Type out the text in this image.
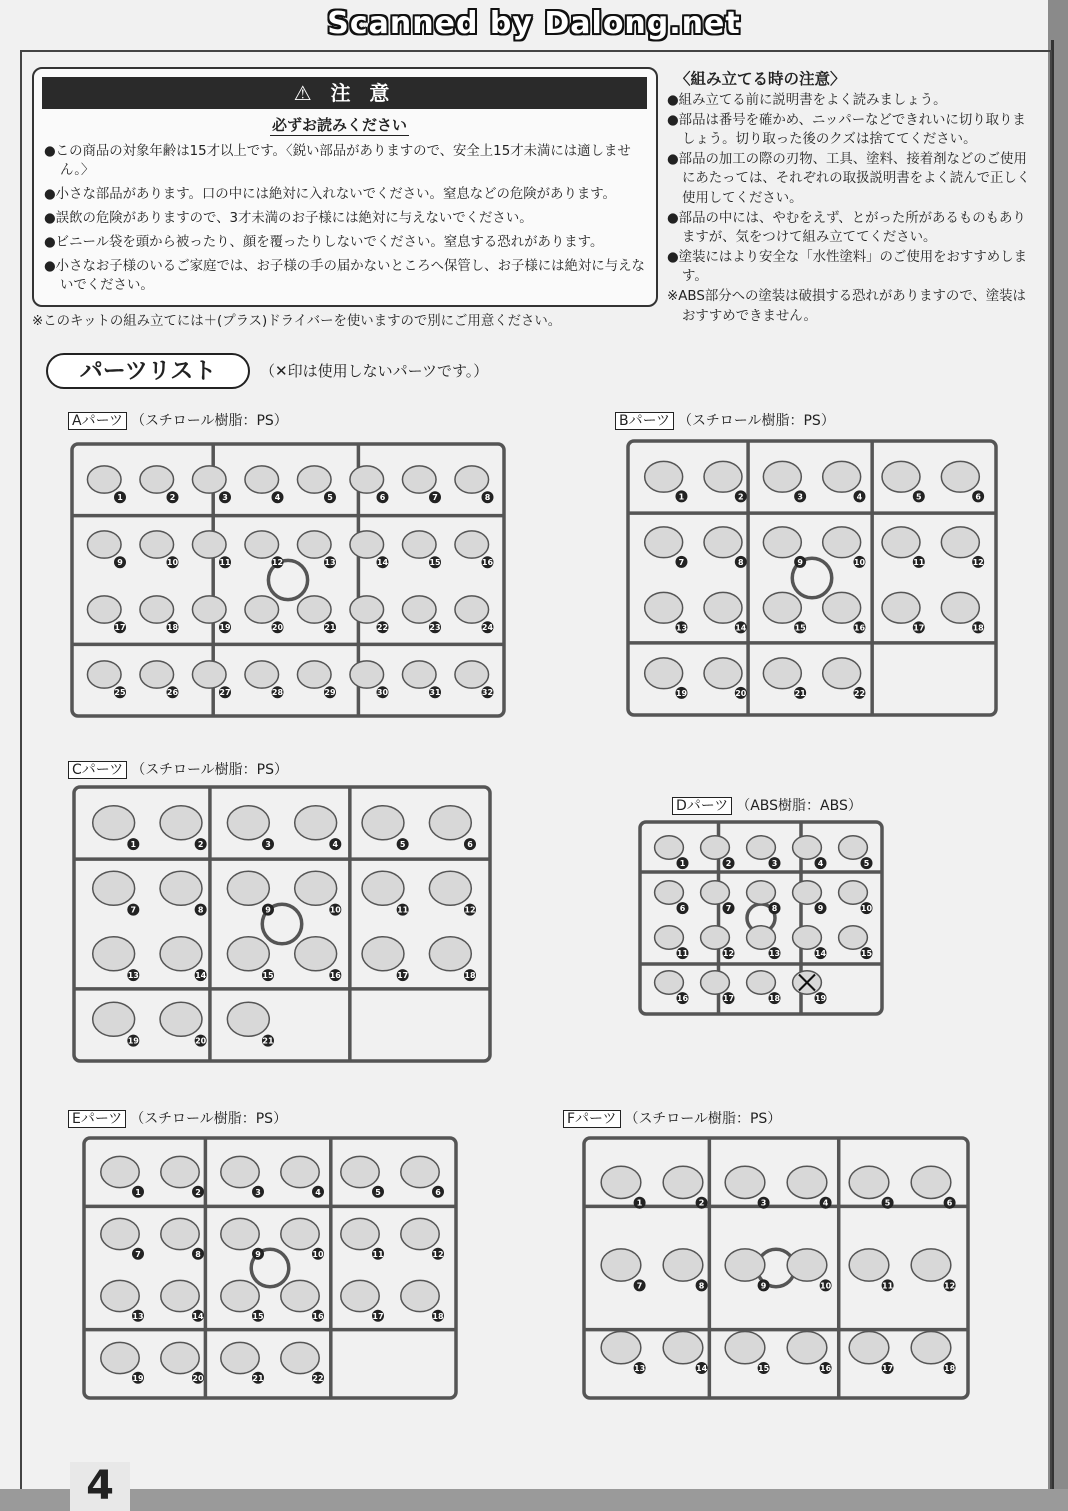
Scanned by Dalong.net
⚠ 注 意
必ずお読みください
●この商品の対象年齢は15才以上です。〈鋭い部品がありますので、安全上15才未満には適しません。〉
●小さな部品があります。口の中には絶対に入れないでください。窒息などの危険があります。
●誤飲の危険がありますので、3才未満のお子様には絶対に与えないでください。
●ビニール袋を頭から被ったり、顔を覆ったりしないでください。窒息する恐れがあります。
●小さなお子様のいるご家庭では、お子様の手の届かないところへ保管し、お子様には絶対に与えないでください。
※このキットの組み立てには＋(プラス)ドライバーを使いますので別にご用意ください。
〈組み立てる時の注意〉
●組み立てる前に説明書をよく読みましょう。
●部品は番号を確かめ、ニッパーなどできれいに切り取りましょう。切り取った後のクズは捨ててください。
●部品の加工の際の刃物、工具、塗料、接着剤などのご使用にあたっては、それぞれの取扱説明書をよく読んで正しく使用してください。
●部品の中には、やむをえず、とがった所があるものもありますが、気をつけて組み立ててください。
●塗装にはより安全な「水性塗料」のご使用をおすすめします。
※ABS部分への塗装は破損する恐れがありますので、塗装はおすすめできません。
パーツリスト	（✕印は使用しないパーツです。）
Aパーツ （スチロール樹脂：PS）	Bパーツ （スチロール樹脂：PS）
Cパーツ （スチロール樹脂：PS）
Dパーツ （ABS樹脂：ABS）
Eパーツ （スチロール樹脂：PS）	Fパーツ （スチロール樹脂：PS）
1	2	3	4	5	6	7	8
9	10	11	12	13	14	15	16
17	18	19	20	21	22	23	24
25	26	27	28	29	30	31	32
1	2	3	4	5	6
7	8	9	10	11	12
13	14	15	16	17	18
19	20	21	22
1	2	3	4	5	6
7	8	9	10	11	12
13	14	15	16	17	18
19	20	21
1	2	3	4	5
6	7	8	9	10
11	12	13	14	15
16	17	18	19
1	2	3	4	5	6
7	8	9	10	11	12
13	14	15	16	17	18
19	20	21	22
1	2	3	4	5	6
7	8	9	10	11	12
13	14	15	16	17	18
4
